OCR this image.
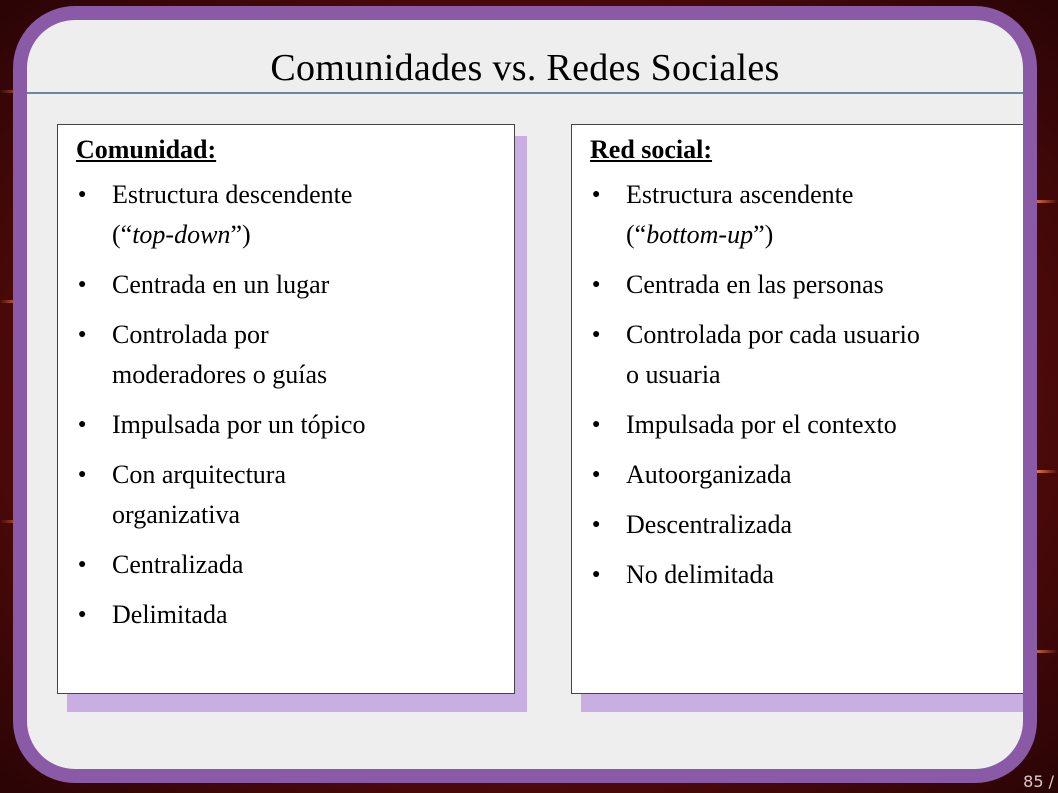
Comunidades vs. Redes Sociales
Comunidad:
● Estructura descendente
(“top-down”)
● Centrada en un lugar
● Controlada por
moderadores o guías
● Impulsada por un tópico
● Con arquitectura
organizativa
● Centralizada
● Delimitada
Red social:
● Estructura ascendente
(“bottom-up”)
● Centrada en las personas
● Controlada por cada usuario
o usuaria
● Impulsada por el contexto
● Autoorganizada
● Descentralizada
● No delimitada
85 /
